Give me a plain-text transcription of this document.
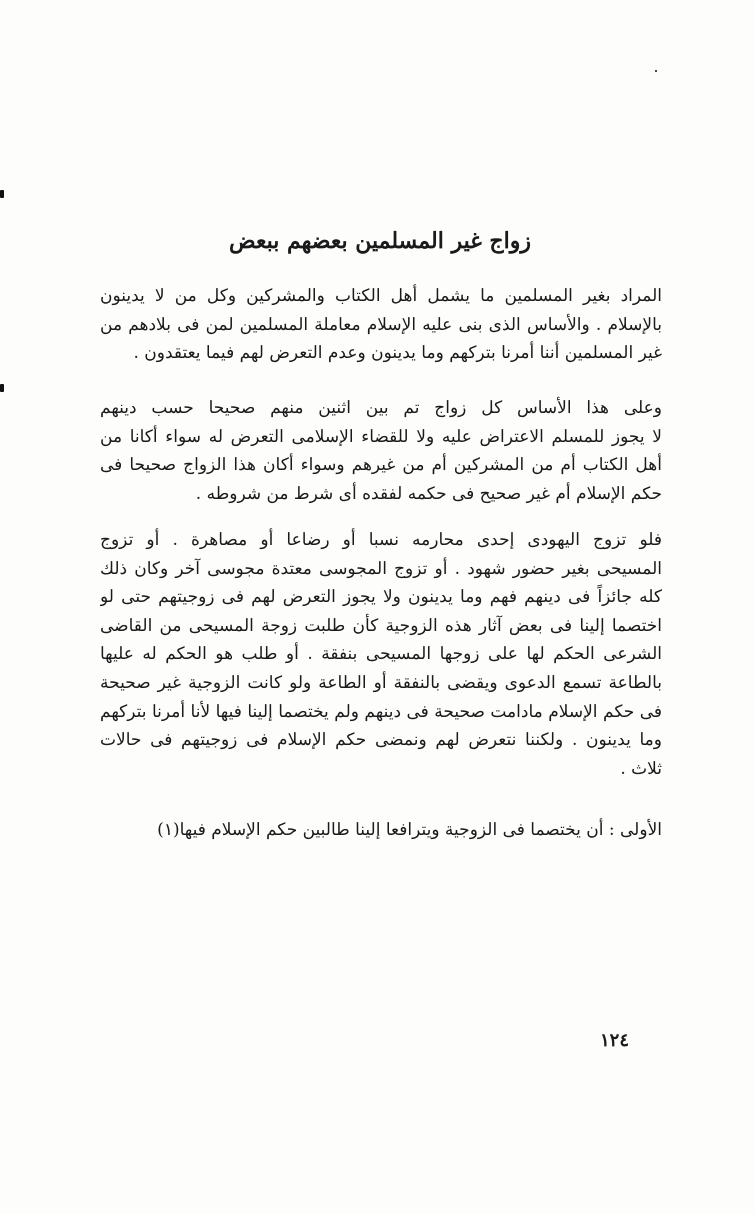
زواج غير المسلمين بعضهم ببعض
المراد بغير المسلمين ما يشمل أهل الكتاب والمشركين وكل من لا يدينون
بالإسلام . والأساس الذى بنى عليه الإسلام معاملة المسلمين لمن فى بلادهم من
غير المسلمين أننا أمرنا بتركهم وما يدينون وعدم التعرض لهم فيما يعتقدون .
وعلى هذا الأساس كل زواج تم بين اثنين منهم صحيحا حسب دينهم
لا يجوز للمسلم الاعتراض عليه ولا للقضاء الإسلامى التعرض له سواء أكانا من
أهل الكتاب أم من المشركين أم من غيرهم وسواء أكان هذا الزواج صحيحا فى
حكم الإسلام أم غير صحيح فى حكمه لفقده أى شرط من شروطه .
فلو تزوج اليهودى إحدى محارمه نسبا أو رضاعا أو مصاهرة . أو تزوج
المسيحى بغير حضور شهود . أو تزوج المجوسى معتدة مجوسى آخر وكان ذلك
كله جائزاً فى دينهم فهم وما يدينون ولا يجوز التعرض لهم فى زوجيتهم حتى لو
اختصما إلينا فى بعض آثار هذه الزوجية كأن طلبت زوجة المسيحى من القاضى
الشرعى الحكم لها على زوجها المسيحى بنفقة . أو طلب هو الحكم له عليها
بالطاعة تسمع الدعوى ويقضى بالنفقة أو الطاعة ولو كانت الزوجية غير صحيحة
فى حكم الإسلام مادامت صحيحة فى دينهم ولم يختصما إلينا فيها لأنا أمرنا بتركهم
وما يدينون . ولكننا نتعرض لهم ونمضى حكم الإسلام فى زوجيتهم فى حالات
ثلاث .
الأولى : أن يختصما فى الزوجية ويترافعا إلينا طالبين حكم الإسلام فيها(١)
١٢٤
